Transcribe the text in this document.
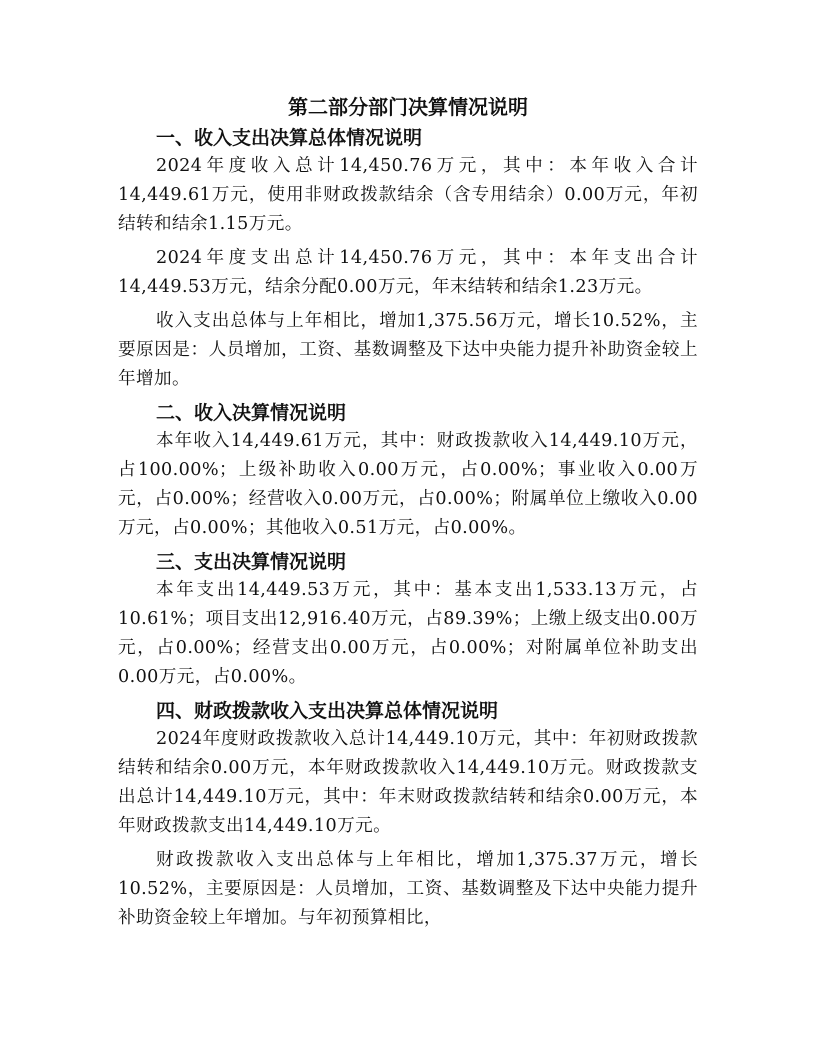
第二部分部门决算情况说明
一、收入支出决算总体情况说明

2024年度收入总计14,450.76万元，其中：本年收入合计14,449.61万元，使用非财政拨款结余（含专用结余）0.00万元，年初结转和结余1.15万元。

2024年度支出总计14,450.76万元，其中：本年支出合计14,449.53万元，结余分配0.00万元，年末结转和结余1.23万元。

收入支出总体与上年相比，增加1,375.56万元，增长10.52%，主要原因是：人员增加，工资、基数调整及下达中央能力提升补助资金较上年增加。

二、收入决算情况说明

本年收入14,449.61万元，其中：财政拨款收入14,449.10万元，占100.00%；上级补助收入0.00万元，占0.00%；事业收入0.00万元，占0.00%；经营收入0.00万元，占0.00%；附属单位上缴收入0.00万元，占0.00%；其他收入0.51万元，占0.00%。

三、支出决算情况说明

本年支出14,449.53万元，其中：基本支出1,533.13万元，占10.61%；项目支出12,916.40万元，占89.39%；上缴上级支出0.00万元，占0.00%；经营支出0.00万元，占0.00%；对附属单位补助支出0.00万元，占0.00%。

四、财政拨款收入支出决算总体情况说明

2024年度财政拨款收入总计14,449.10万元，其中：年初财政拨款结转和结余0.00万元，本年财政拨款收入14,449.10万元。财政拨款支出总计14,449.10万元，其中：年末财政拨款结转和结余0.00万元，本年财政拨款支出14,449.10万元。

财政拨款收入支出总体与上年相比，增加1,375.37万元，增长10.52%，主要原因是：人员增加，工资、基数调整及下达中央能力提升补助资金较上年增加。与年初预算相比，
